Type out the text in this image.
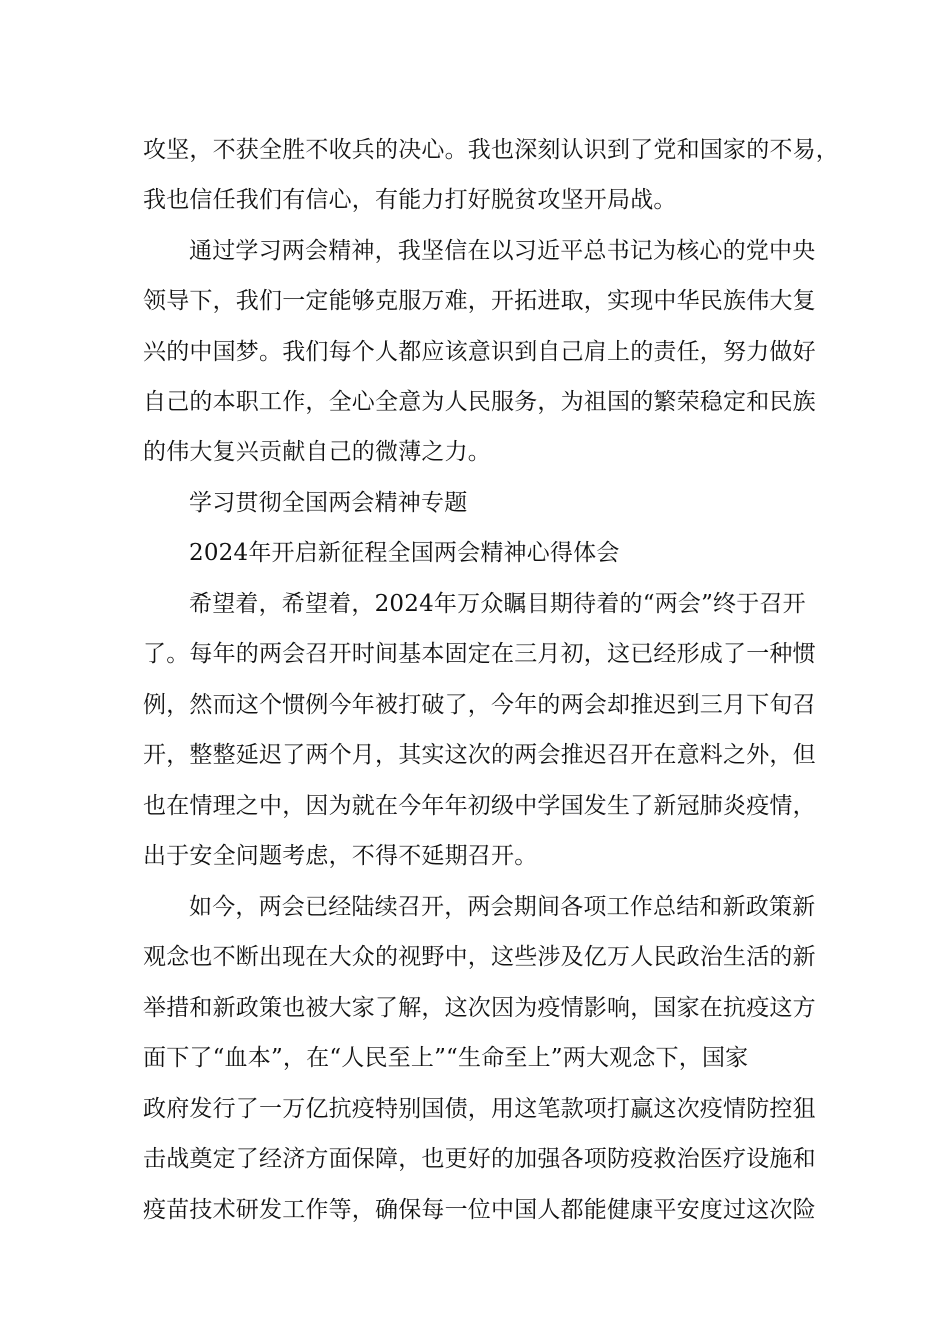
攻坚，不获全胜不收兵的决心。我也深刻认识到了党和国家的不易，
我也信任我们有信心，有能力打好脱贫攻坚开局战。
通过学习两会精神，我坚信在以习近平总书记为核心的党中央
领导下，我们一定能够克服万难，开拓进取，实现中华民族伟大复
兴的中国梦。我们每个人都应该意识到自己肩上的责任，努力做好
自己的本职工作，全心全意为人民服务，为祖国的繁荣稳定和民族
的伟大复兴贡献自己的微薄之力。
学习贯彻全国两会精神专题
2024年开启新征程全国两会精神心得体会
希望着，希望着，2024年万众瞩目期待着的“两会”终于召开
了。每年的两会召开时间基本固定在三月初，这已经形成了一种惯
例，然而这个惯例今年被打破了，今年的两会却推迟到三月下旬召
开，整整延迟了两个月，其实这次的两会推迟召开在意料之外，但
也在情理之中，因为就在今年年初级中学国发生了新冠肺炎疫情，
出于安全问题考虑，不得不延期召开。
如今，两会已经陆续召开，两会期间各项工作总结和新政策新
观念也不断出现在大众的视野中，这些涉及亿万人民政治生活的新
举措和新政策也被大家了解，这次因为疫情影响，国家在抗疫这方
面下了“血本”，在“人民至上”“生命至上”两大观念下，国家
政府发行了一万亿抗疫特别国债，用这笔款项打赢这次疫情防控狙
击战奠定了经济方面保障，也更好的加强各项防疫救治医疗设施和
疫苗技术研发工作等，确保每一位中国人都能健康平安度过这次险
